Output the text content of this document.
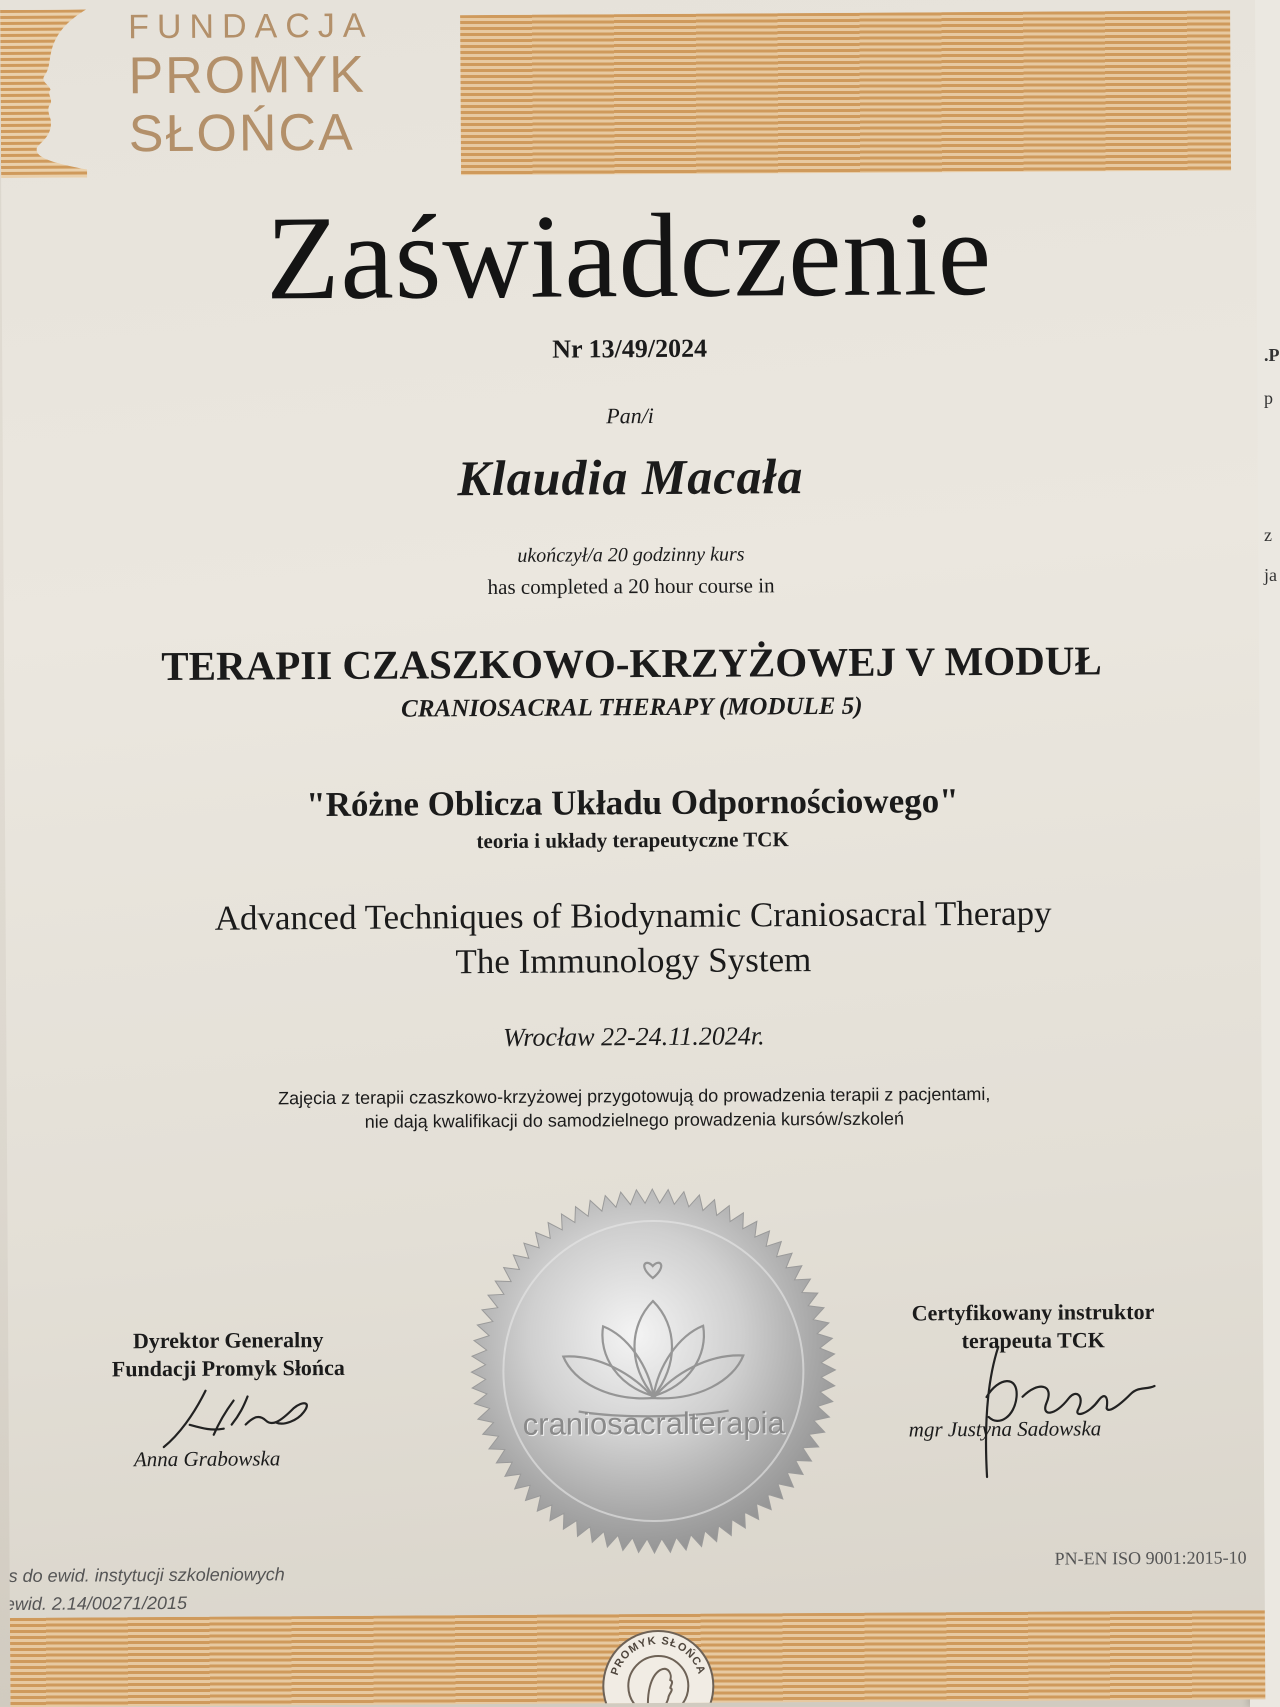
.P
p
z
ja
FUNDACJA
PROMYK
SŁOŃCA
Zaświadczenie
Nr 13/49/2024
Pan/i
Klaudia Macała
ukończył/a 20 godzinny kurs
has completed a 20 hour course in
TERAPII CZASZKOWO-KRZYŻOWEJ V MODUŁ
CRANIOSACRAL THERAPY (MODULE 5)
"Różne Oblicza Układu Odpornościowego"
teoria i układy terapeutyczne TCK
Advanced Techniques of Biodynamic Craniosacral Therapy
The Immunology System
Wrocław 22-24.11.2024r.
Zajęcia z terapii czaszkowo-krzyżowej przygotowują do prowadzenia terapii z pacjentami,
nie dają kwalifikacji do samodzielnego prowadzenia kursów/szkoleń
Dyrektor Generalny
Fundacji Promyk Słońca
Anna Grabowska
craniosacralterapia
Certyfikowany instruktor
terapeuta TCK
mgr Justyna Sadowska
is do ewid. instytucji szkoleniowych
ewid. 2.14/00271/2015
PN-EN ISO 9001:2015-10
PROMYK SŁOŃCA
